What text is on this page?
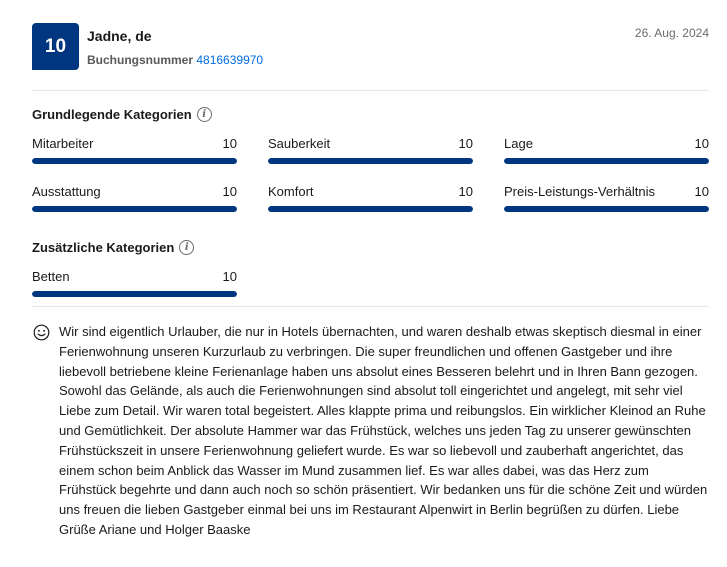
10	Jadne, de
Buchungsnummer 4816639970
26. Aug. 2024
Grundlegende Kategorien	i
Mitarbeiter	10 Sauberkeit	10 Lage	10
Ausstattung	10 Komfort	10 Preis-Leistungs-Verhältnis	10
Zusätzliche Kategorien	i
Betten	10

Wir sind eigentlich Urlauber, die nur in Hotels übernachten, und waren deshalb etwas skeptisch diesmal in einer Ferienwohnung unseren Kurzurlaub zu verbringen. Die super freundlichen und offenen Gastgeber und ihre liebevoll betriebene kleine Ferienanlage haben uns absolut eines Besseren belehrt und in Ihren Bann gezogen. Sowohl das Gelände, als auch die Ferienwohnungen sind absolut toll eingerichtet und angelegt, mit sehr viel Liebe zum Detail. Wir waren total begeistert. Alles klappte prima und reibungslos. Ein wirklicher Kleinod an Ruhe und Gemütlichkeit. Der absolute Hammer war das Frühstück, welches uns jeden Tag zu unserer gewünschten Frühstückszeit in unsere Ferienwohnung geliefert wurde. Es war so liebevoll und zauberhaft angerichtet, das einem schon beim Anblick das Wasser im Mund zusammen lief. Es war alles dabei, was das Herz zum Frühstück begehrte und dann auch noch so schön präsentiert. Wir bedanken uns für die schöne Zeit und würden uns freuen die lieben Gastgeber einmal bei uns im Restaurant Alpenwirt in Berlin begrüßen zu dürfen. Liebe Grüße Ariane und Holger Baaske
